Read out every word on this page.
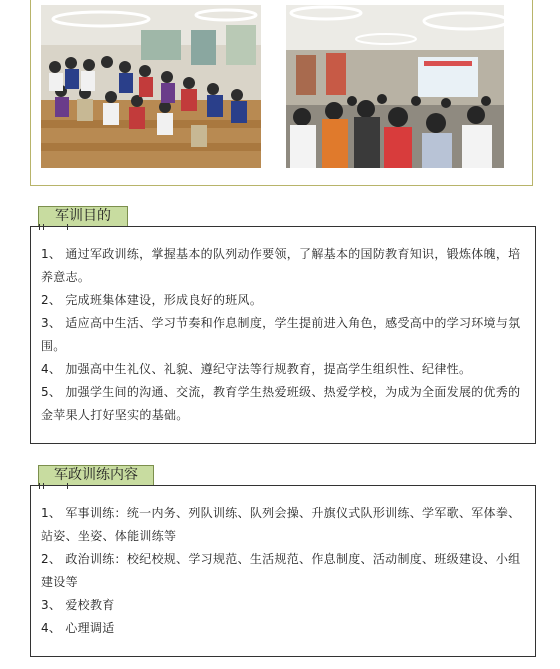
军训目的

1、 通过军政训练，掌握基本的队列动作要领，了解基本的国防教育知识，锻炼体魄，培养意志。

2、 完成班集体建设，形成良好的班风。

3、 适应高中生活、学习节奏和作息制度，学生提前进入角色，感受高中的学习环境与氛围。

4、 加强高中生礼仪、礼貌、遵纪守法等行规教育，提高学生组织性、纪律性。

5、 加强学生间的沟通、交流，教育学生热爱班级、热爱学校，为成为全面发展的优秀的金苹果人打好坚实的基础。

军政训练内容

1、 军事训练：统一内务、列队训练、队列会操、升旗仪式队形训练、学军歌、军体拳、站姿、坐姿、体能训练等

2、 政治训练：校纪校规、学习规范、生活规范、作息制度、活动制度、班级建设、小组建设等

3、 爱校教育

4、 心理调适
